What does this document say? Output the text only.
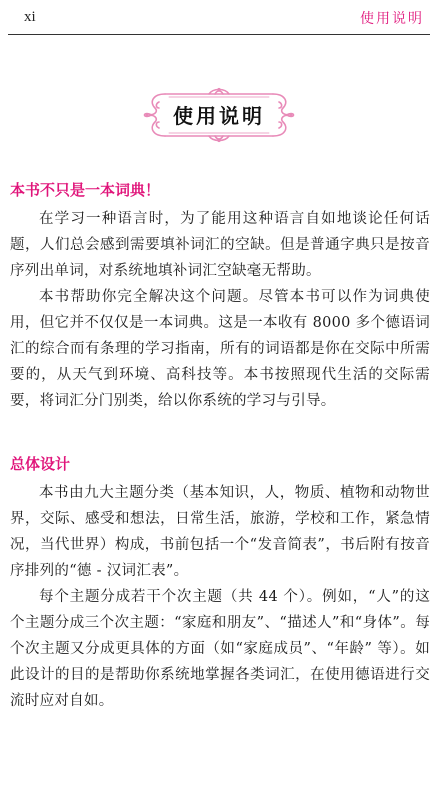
xi	使用说明
使用说明
本书不只是一本词典！

在学习一种语言时，为了能用这种语言自如地谈论任何话题，人们总会感到需要填补词汇的空缺。但是普通字典只是按音序列出单词，对系统地填补词汇空缺毫无帮助。

本书帮助你完全解决这个问题。尽管本书可以作为词典使用，但它并不仅仅是一本词典。这是一本收有 8000 多个德语词汇的综合而有条理的学习指南，所有的词语都是你在交际中所需要的，从天气到环境、高科技等。本书按照现代生活的交际需要，将词汇分门别类，给以你系统的学习与引导。

总体设计

本书由九大主题分类（基本知识，人，物质、植物和动物世界，交际、感受和想法，日常生活，旅游，学校和工作，紧急情况，当代世界）构成，书前包括一个“发音简表”，书后附有按音序排列的“德 - 汉词汇表”。

每个主题分成若干个次主题（共 44 个）。例如，“人”的这个主题分成三个次主题：“家庭和朋友”、“描述人”和“身体”。每个次主题又分成更具体的方面（如“家庭成员”、“年龄” 等）。如此设计的目的是帮助你系统地掌握各类词汇，在使用德语进行交流时应对自如。
